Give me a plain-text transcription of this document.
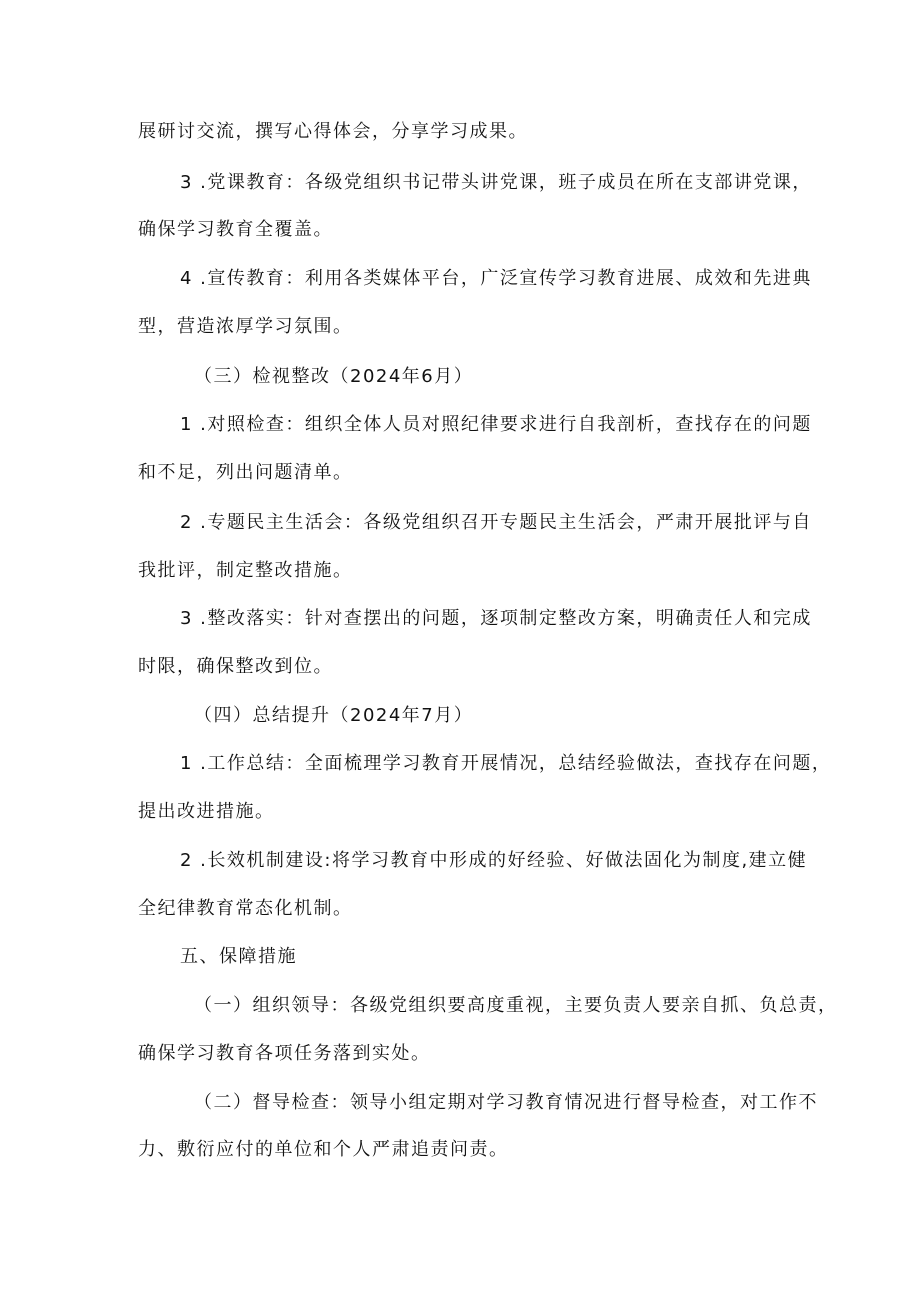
展研讨交流，撰写心得体会，分享学习成果。
3 .党课教育：各级党组织书记带头讲党课，班子成员在所在支部讲党课，
确保学习教育全覆盖。
4 .宣传教育：利用各类媒体平台，广泛宣传学习教育进展、成效和先进典
型，营造浓厚学习氛围。
（三）检视整改（2024年6月）
1 .对照检查：组织全体人员对照纪律要求进行自我剖析，查找存在的问题
和不足，列出问题清单。
2 .专题民主生活会：各级党组织召开专题民主生活会，严肃开展批评与自
我批评，制定整改措施。
3 .整改落实：针对查摆出的问题，逐项制定整改方案，明确责任人和完成
时限，确保整改到位。
（四）总结提升（2024年7月）
1 .工作总结：全面梳理学习教育开展情况，总结经验做法，查找存在问题，
提出改进措施。
2 .长效机制建设:将学习教育中形成的好经验、好做法固化为制度,建立健
全纪律教育常态化机制。
五、保障措施
（一）组织领导：各级党组织要高度重视，主要负责人要亲自抓、负总责，
确保学习教育各项任务落到实处。
（二）督导检查：领导小组定期对学习教育情况进行督导检查，对工作不
力、敷衍应付的单位和个人严肃追责问责。
